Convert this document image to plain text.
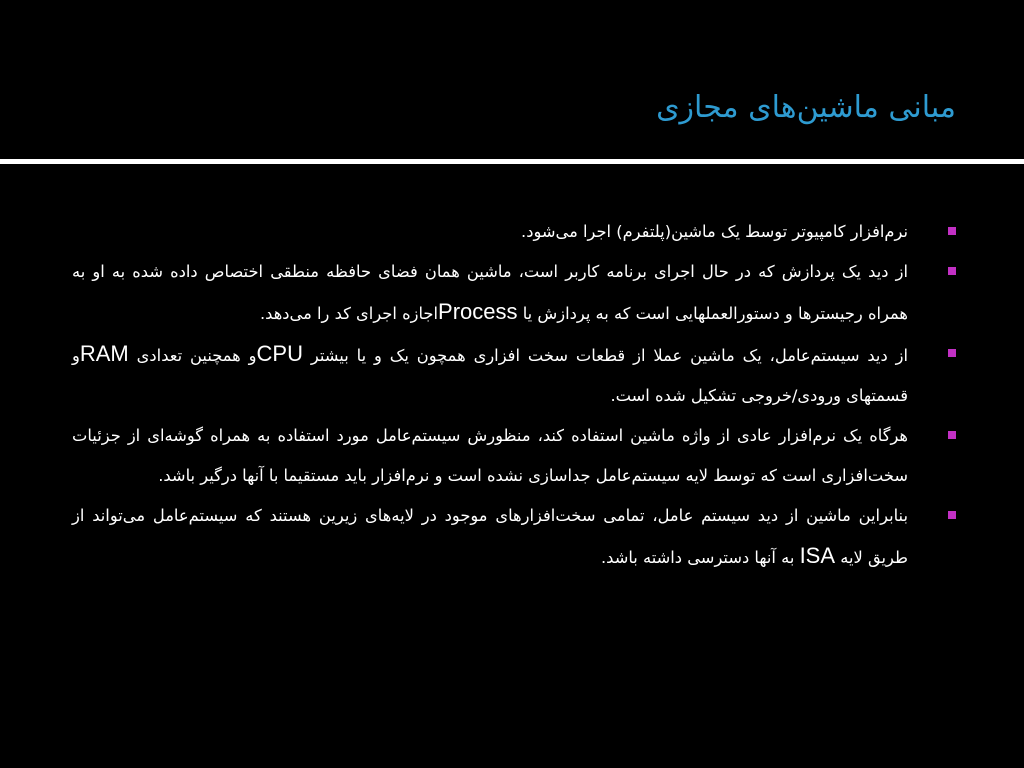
مبانی ماشین‌های مجازی

نرم‌افزار کامپیوتر توسط یک ماشین(پلتفرم) اجرا می‌شود.

از دید یک پردازش که در حال اجرای برنامه کاربر است، ماشین همان فضای حافظه منطقی اختصاص داده شده به او به همراه رجیسترها و دستورالعملهایی است که به پردازش یا Processاجازه اجرای کد را می‌دهد.

از دید سیستم‌عامل، یک ماشین عملا از قطعات سخت افزاری همچون یک و یا بیشتر CPUو همچنین تعدادی RAMو قسمتهای ورودی/خروجی تشکیل شده است.

هرگاه یک نرم‌افزار عادی از واژه ماشین استفاده کند، منظورش سیستم‌عامل مورد استفاده به همراه گوشه‌ای از جزئیات سخت‌افزاری است که توسط لایه سیستم‌عامل جداسازی نشده است و نرم‌افزار باید مستقیما با آنها درگیر باشد.

بنابراین ماشین از دید سیستم عامل، تمامی سخت‌افزارهای موجود در لایه‌های زیرین هستند که سیستم‌عامل می‌تواند از طریق لایه ISA به آنها دسترسی داشته باشد.
